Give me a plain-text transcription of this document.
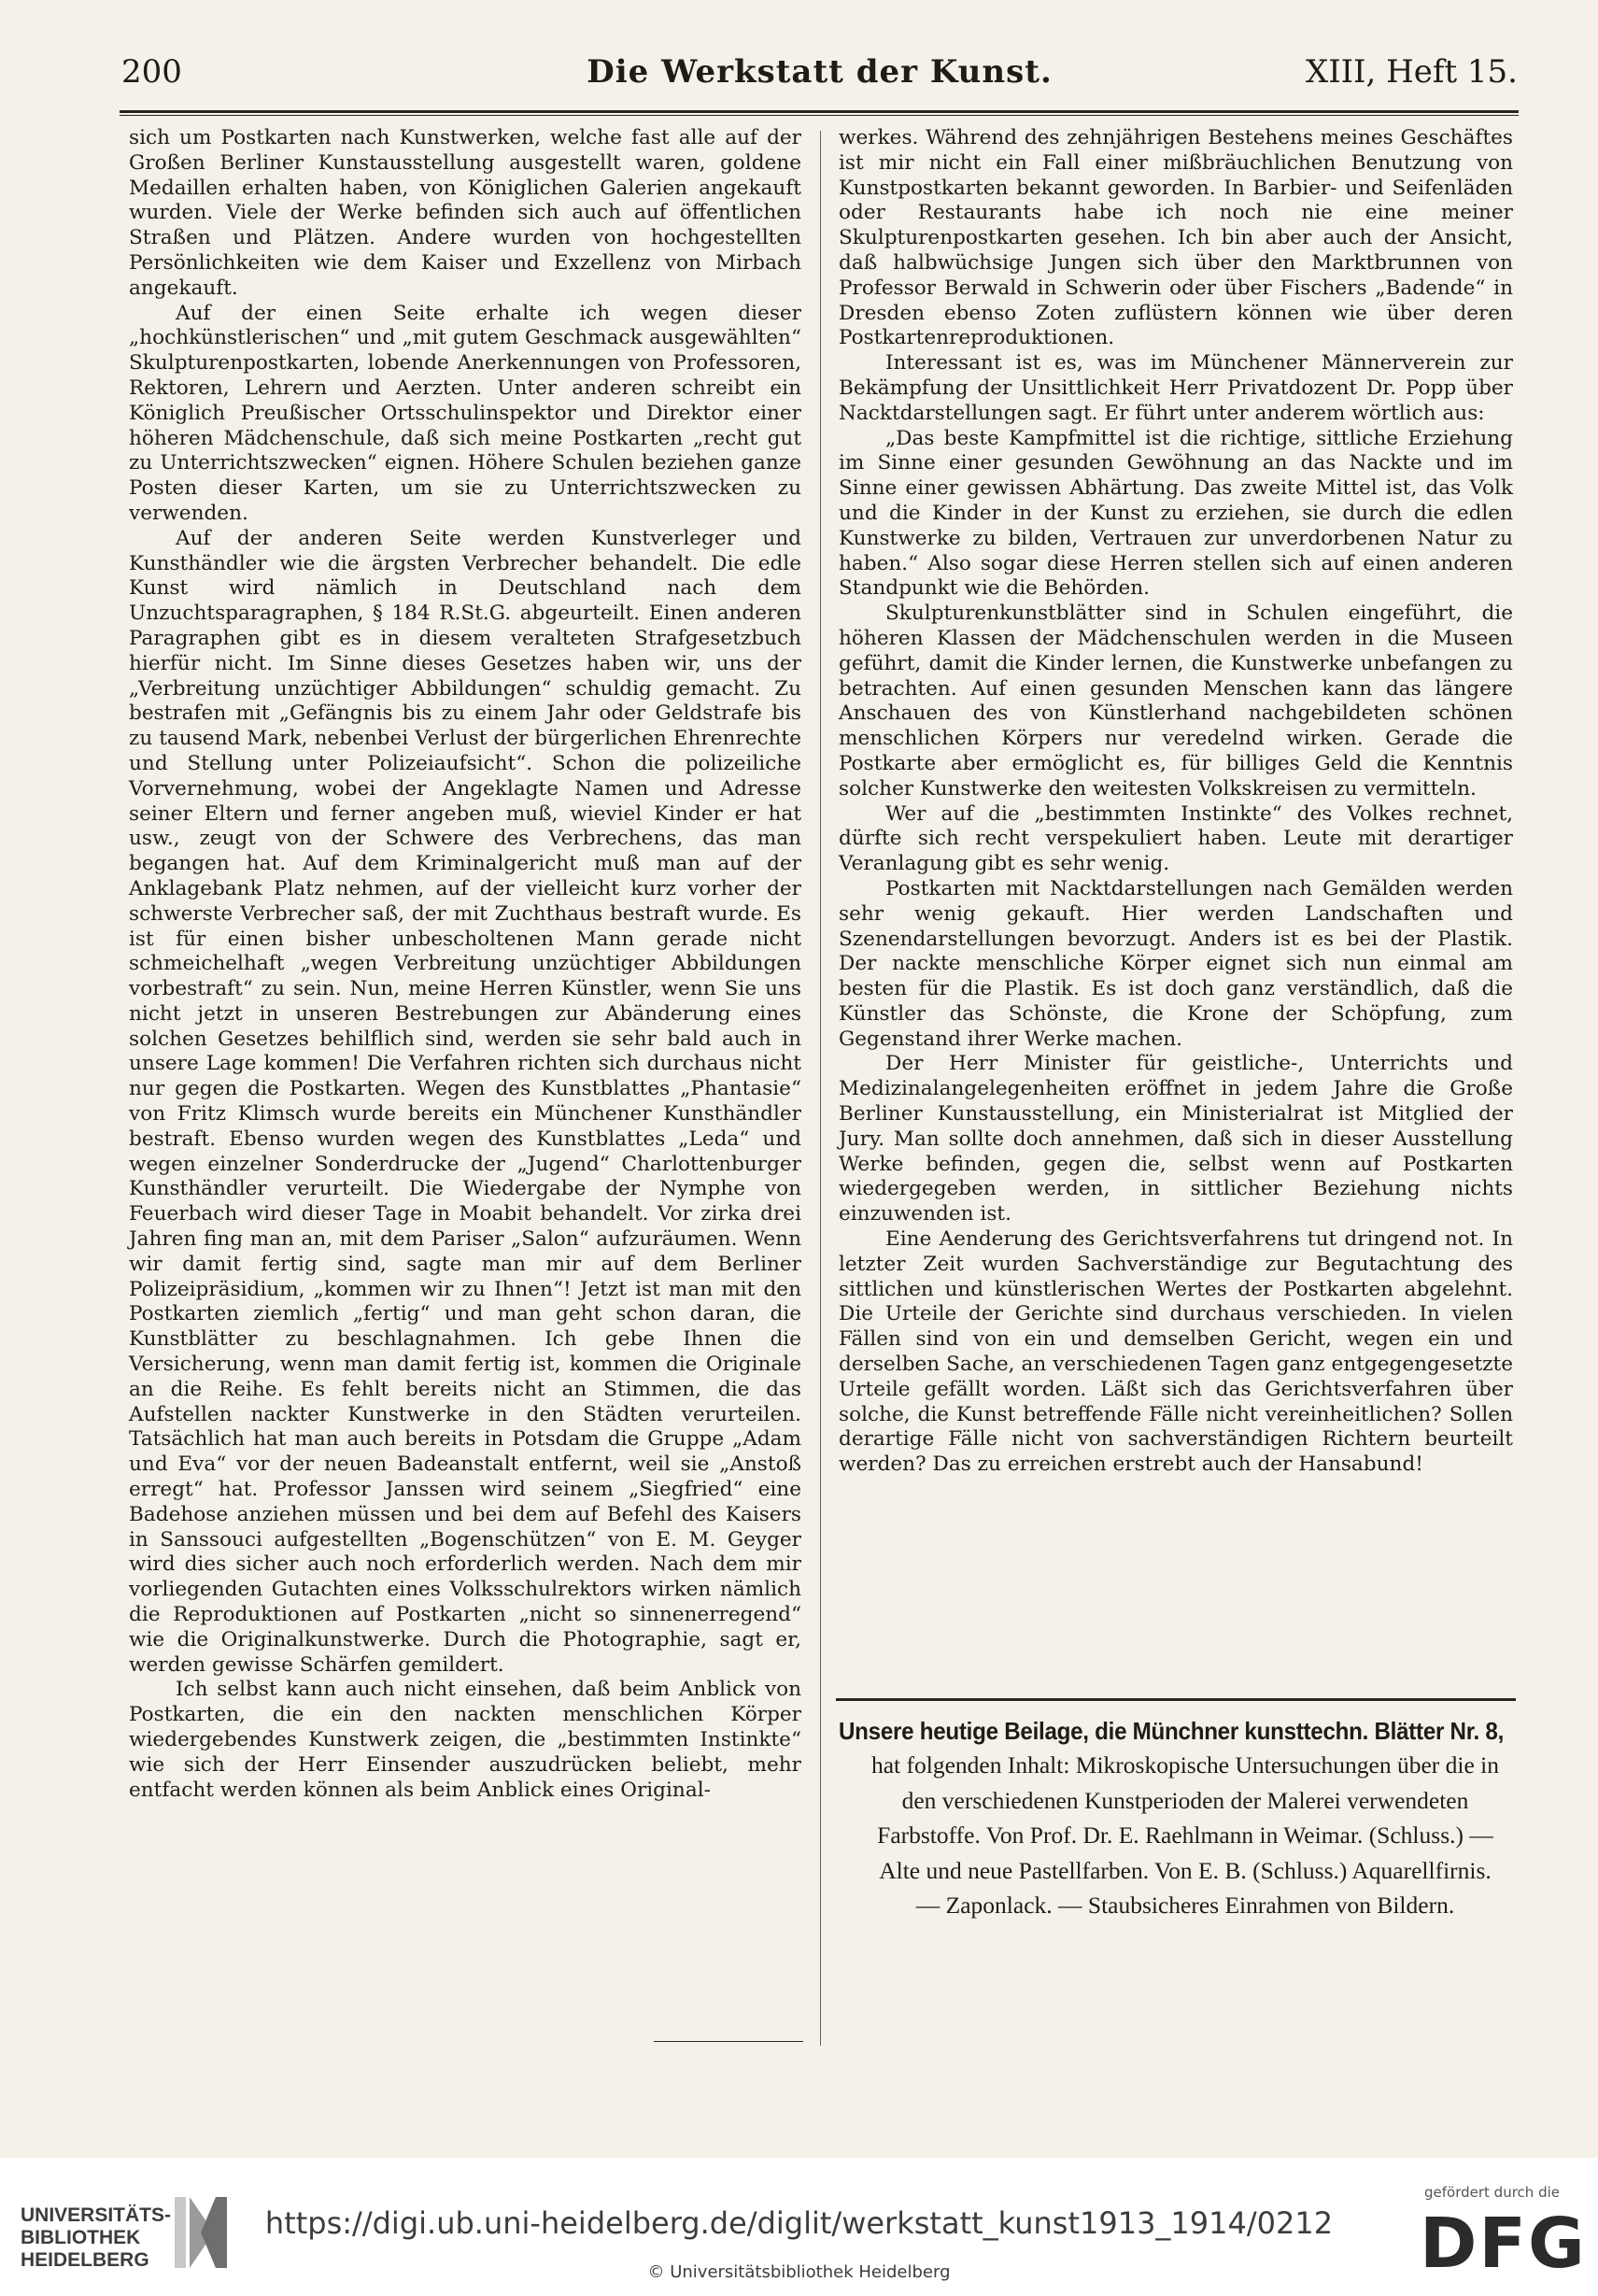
Die Werkstatt der Kunst.
200	XIII, Heft 15.

sich um Postkarten nach Kunstwerken, welche fast alle auf der Großen Berliner Kunstausstellung ausgestellt waren, goldene Medaillen erhalten haben, von Königlichen Galerien angekauft wurden. Viele der Werke befinden sich auch auf öffentlichen Straßen und Plätzen. Andere wurden von hochgestellten Persönlichkeiten wie dem Kaiser und Exzellenz von Mirbach angekauft.

Auf der einen Seite erhalte ich wegen dieser „hochkünstlerischen“ und „mit gutem Geschmack ausgewählten“ Skulpturenpostkarten, lobende Anerkennungen von Professoren, Rektoren, Lehrern und Aerzten. Unter anderen schreibt ein Königlich Preußischer Ortsschulinspektor und Direktor einer höheren Mädchenschule, daß sich meine Postkarten „recht gut zu Unterrichtszwecken“ eignen. Höhere Schulen beziehen ganze Posten dieser Karten, um sie zu Unterrichtszwecken zu verwenden.

Auf der anderen Seite werden Kunstverleger und Kunsthändler wie die ärgsten Verbrecher behandelt. Die edle Kunst wird nämlich in Deutschland nach dem Unzuchtsparagraphen, § 184 R.St.G. abgeurteilt. Einen anderen Paragraphen gibt es in diesem veralteten Strafgesetzbuch hierfür nicht. Im Sinne dieses Gesetzes haben wir, uns der „Verbreitung unzüchtiger Abbildungen“ schuldig gemacht. Zu bestrafen mit „Gefängnis bis zu einem Jahr oder Geldstrafe bis zu tausend Mark, nebenbei Verlust der bürgerlichen Ehrenrechte und Stellung unter Polizeiaufsicht“. Schon die polizeiliche Vorvernehmung, wobei der Angeklagte Namen und Adresse seiner Eltern und ferner angeben muß, wieviel Kinder er hat usw., zeugt von der Schwere des Verbrechens, das man begangen hat. Auf dem Kriminalgericht muß man auf der Anklagebank Platz nehmen, auf der vielleicht kurz vorher der schwerste Verbrecher saß, der mit Zuchthaus bestraft wurde. Es ist für einen bisher unbescholtenen Mann gerade nicht schmeichelhaft „wegen Verbreitung unzüchtiger Abbildungen vorbestraft“ zu sein. Nun, meine Herren Künstler, wenn Sie uns nicht jetzt in unseren Bestrebungen zur Abänderung eines solchen Gesetzes behilflich sind, werden sie sehr bald auch in unsere Lage kommen! Die Verfahren richten sich durchaus nicht nur gegen die Postkarten. Wegen des Kunstblattes „Phantasie“ von Fritz Klimsch wurde bereits ein Münchener Kunsthändler bestraft. Ebenso wurden wegen des Kunstblattes „Leda“ und wegen einzelner Sonderdrucke der „Jugend“ Charlottenburger Kunsthändler verurteilt. Die Wiedergabe der Nymphe von Feuerbach wird dieser Tage in Moabit behandelt. Vor zirka drei Jahren fing man an, mit dem Pariser „Salon“ aufzuräumen. Wenn wir damit fertig sind, sagte man mir auf dem Berliner Polizeipräsidium, „kommen wir zu Ihnen“! Jetzt ist man mit den Postkarten ziemlich „fertig“ und man geht schon daran, die Kunstblätter zu beschlagnahmen. Ich gebe Ihnen die Versicherung, wenn man damit fertig ist, kommen die Originale an die Reihe. Es fehlt bereits nicht an Stimmen, die das Aufstellen nackter Kunstwerke in den Städten verurteilen. Tatsächlich hat man auch bereits in Potsdam die Gruppe „Adam und Eva“ vor der neuen Badeanstalt entfernt, weil sie „Anstoß erregt“ hat. Professor Janssen wird seinem „Siegfried“ eine Badehose anziehen müssen und bei dem auf Befehl des Kaisers in Sanssouci aufgestellten „Bogenschützen“ von E. M. Geyger wird dies sicher auch noch erforderlich werden. Nach dem mir vorliegenden Gutachten eines Volksschulrektors wirken nämlich die Reproduktionen auf Postkarten „nicht so sinnenerregend“ wie die Originalkunstwerke. Durch die Photographie, sagt er, werden gewisse Schärfen gemildert.

Ich selbst kann auch nicht einsehen, daß beim Anblick von Postkarten, die ein den nackten menschlichen Körper wiedergebendes Kunstwerk zeigen, die „bestimmten Instinkte“ wie sich der Herr Einsender auszudrücken beliebt, mehr entfacht werden können als beim Anblick eines Original-

werkes. Während des zehnjährigen Bestehens meines Geschäftes ist mir nicht ein Fall einer mißbräuchlichen Benutzung von Kunstpostkarten bekannt geworden. In Barbier- und Seifenläden oder Restaurants habe ich noch nie eine meiner Skulpturenpostkarten gesehen. Ich bin aber auch der Ansicht, daß halbwüchsige Jungen sich über den Marktbrunnen von Professor Berwald in Schwerin oder über Fischers „Badende“ in Dresden ebenso Zoten zuflüstern können wie über deren Postkartenreproduktionen.

Interessant ist es, was im Münchener Männerverein zur Bekämpfung der Unsittlichkeit Herr Privatdozent Dr. Popp über Nacktdarstellungen sagt. Er führt unter anderem wörtlich aus:

„Das beste Kampfmittel ist die richtige, sittliche Erziehung im Sinne einer gesunden Gewöhnung an das Nackte und im Sinne einer gewissen Abhärtung. Das zweite Mittel ist, das Volk und die Kinder in der Kunst zu erziehen, sie durch die edlen Kunstwerke zu bilden, Vertrauen zur unverdorbenen Natur zu haben.“ Also sogar diese Herren stellen sich auf einen anderen Standpunkt wie die Behörden.

Skulpturenkunstblätter sind in Schulen eingeführt, die höheren Klassen der Mädchenschulen werden in die Museen geführt, damit die Kinder lernen, die Kunstwerke unbefangen zu betrachten. Auf einen gesunden Menschen kann das längere Anschauen des von Künstlerhand nachgebildeten schönen menschlichen Körpers nur veredelnd wirken. Gerade die Postkarte aber ermöglicht es, für billiges Geld die Kenntnis solcher Kunstwerke den weitesten Volkskreisen zu vermitteln.

Wer auf die „bestimmten Instinkte“ des Volkes rechnet, dürfte sich recht verspekuliert haben. Leute mit derartiger Veranlagung gibt es sehr wenig.

Postkarten mit Nacktdarstellungen nach Gemälden werden sehr wenig gekauft. Hier werden Landschaften und Szenendarstellungen bevorzugt. Anders ist es bei der Plastik. Der nackte menschliche Körper eignet sich nun einmal am besten für die Plastik. Es ist doch ganz verständlich, daß die Künstler das Schönste, die Krone der Schöpfung, zum Gegenstand ihrer Werke machen.

Der Herr Minister für geistliche-, Unterrichts und Medizinalangelegenheiten eröffnet in jedem Jahre die Große Berliner Kunstausstellung, ein Ministerialrat ist Mitglied der Jury. Man sollte doch annehmen, daß sich in dieser Ausstellung Werke befinden, gegen die, selbst wenn auf Postkarten wiedergegeben werden, in sittlicher Beziehung nichts einzuwenden ist.

Eine Aenderung des Gerichtsverfahrens tut dringend not. In letzter Zeit wurden Sachverständige zur Begutachtung des sittlichen und künstlerischen Wertes der Postkarten abgelehnt. Die Urteile der Gerichte sind durchaus verschieden. In vielen Fällen sind von ein und demselben Gericht, wegen ein und derselben Sache, an verschiedenen Tagen ganz entgegengesetzte Urteile gefällt worden. Läßt sich das Gerichtsverfahren über solche, die Kunst betreffende Fälle nicht vereinheitlichen? Sollen derartige Fälle nicht von sachverständigen Richtern beurteilt werden? Das zu erreichen erstrebt auch der Hansabund!

Unsere heutige Beilage, die Münchner kunsttechn. Blätter Nr. 8,
hat folgenden Inhalt: Mikroskopische Untersuchungen über die in den verschiedenen Kunstperioden der Malerei verwendeten Farbstoffe. Von Prof. Dr. E. Raehlmann in Weimar. (Schluss.) — Alte und neue Pastellfarben. Von E. B. (Schluss.) Aquarellfirnis. — Zaponlack. — Staubsicheres Einrahmen von Bildern.
UNIVERSITÄTS-
BIBLIOTHEK
HEIDELBERG
https://digi.ub.uni-heidelberg.de/diglit/werkstatt_kunst1913_1914/0212
© Universitätsbibliothek Heidelberg
gefördert durch die
DFG
